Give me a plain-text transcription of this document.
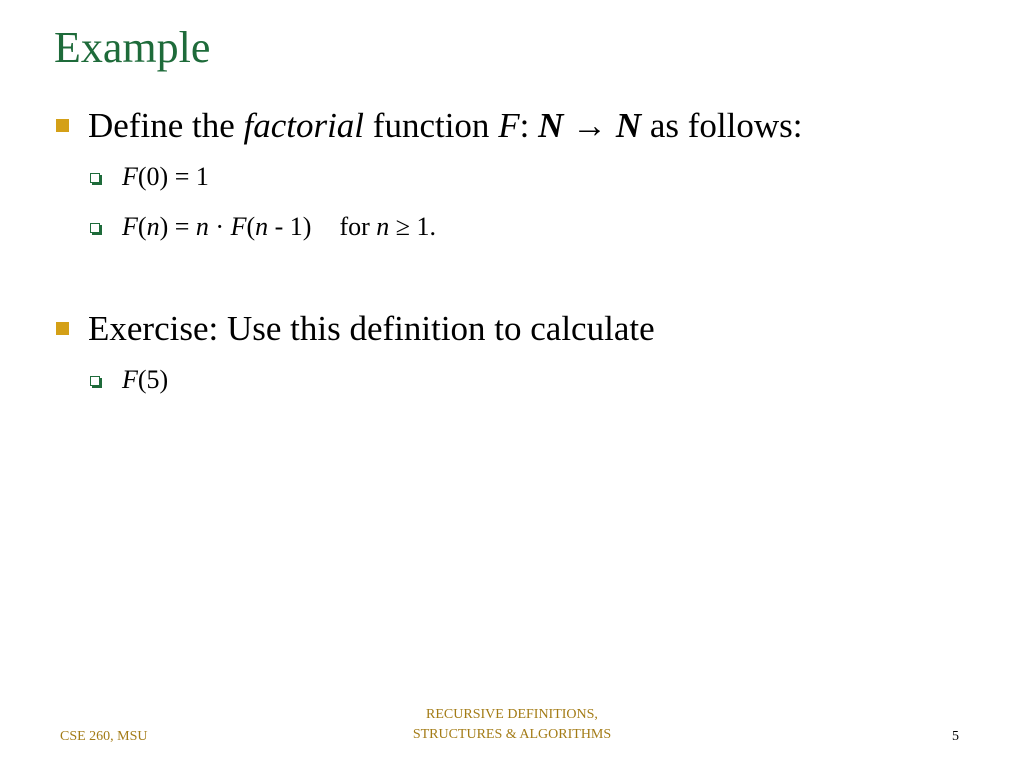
Example
Define the factorial function F: N → N as follows:
F(0) = 1
F(n) = n · F(n - 1) for n ≥ 1.
Exercise: Use this definition to calculate
F(5)
CSE 260, MSU
RECURSIVE DEFINITIONS,
STRUCTURES & ALGORITHMS	5
